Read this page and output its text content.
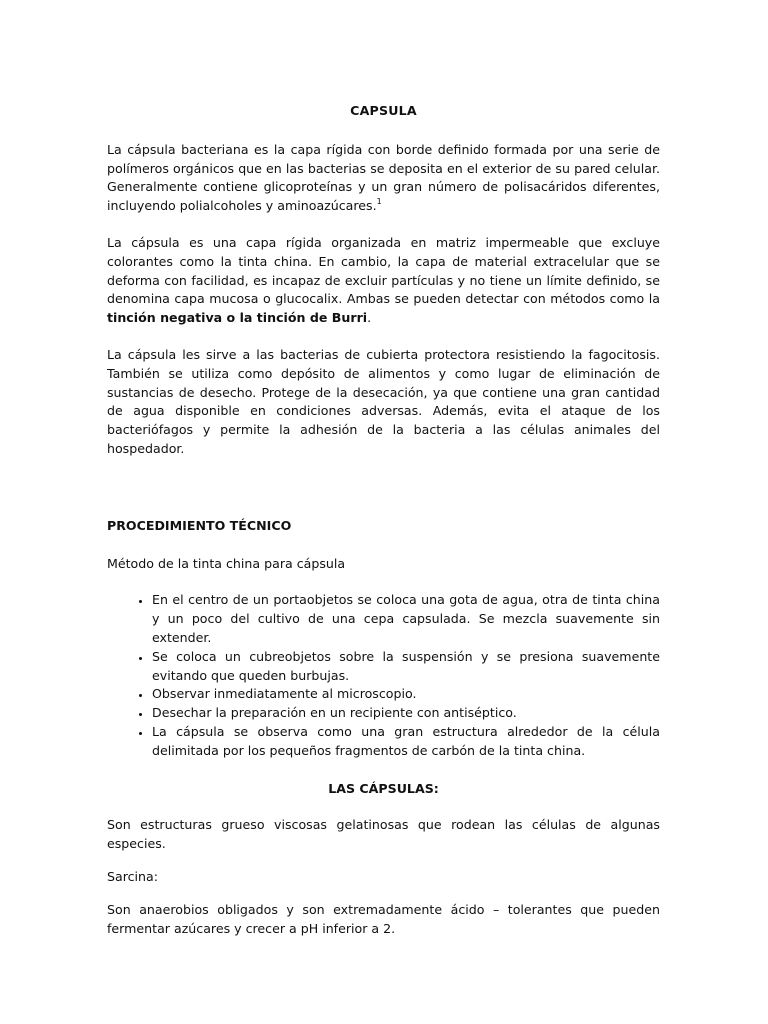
CAPSULA

La cápsula bacteriana es la capa rígida con borde definido formada por una serie de polímeros orgánicos que en las bacterias se deposita en el exterior de su pared celular. Generalmente contiene glicoproteínas y un gran número de polisacáridos diferentes, incluyendo polialcoholes y aminoazúcares.$^1$

La cápsula es una capa rígida organizada en matriz impermeable que excluye colorantes como la tinta china. En cambio, la capa de material extracelular que se deforma con facilidad, es incapaz de excluir partículas y no tiene un límite definido, se denomina capa mucosa o glucocalix. Ambas se pueden detectar con métodos como la tinción negativa o la tinción de Burri.

La cápsula les sirve a las bacterias de cubierta protectora resistiendo la fagocitosis. También se utiliza como depósito de alimentos y como lugar de eliminación de sustancias de desecho. Protege de la desecación, ya que contiene una gran cantidad de agua disponible en condiciones adversas. Además, evita el ataque de los bacteriófagos y permite la adhesión de la bacteria a las células animales del hospedador.

PROCEDIMIENTO TÉCNICO

Método de la tinta china para cápsula

• En el centro de un portaobjetos se coloca una gota de agua, otra de tinta china y un poco del cultivo de una cepa capsulada. Se mezcla suavemente sin extender.
• Se coloca un cubreobjetos sobre la suspensión y se presiona suavemente evitando que queden burbujas.
• Observar inmediatamente al microscopio.
• Desechar la preparación en un recipiente con antiséptico.
• La cápsula se observa como una gran estructura alrededor de la célula delimitada por los pequeños fragmentos de carbón de la tinta china.
LAS CÁPSULAS:

Son estructuras grueso viscosas gelatinosas que rodean las células de algunas especies.

Sarcina:

Son anaerobios obligados y son extremadamente ácido – tolerantes que pueden fermentar azúcares y crecer a pH inferior a 2.
